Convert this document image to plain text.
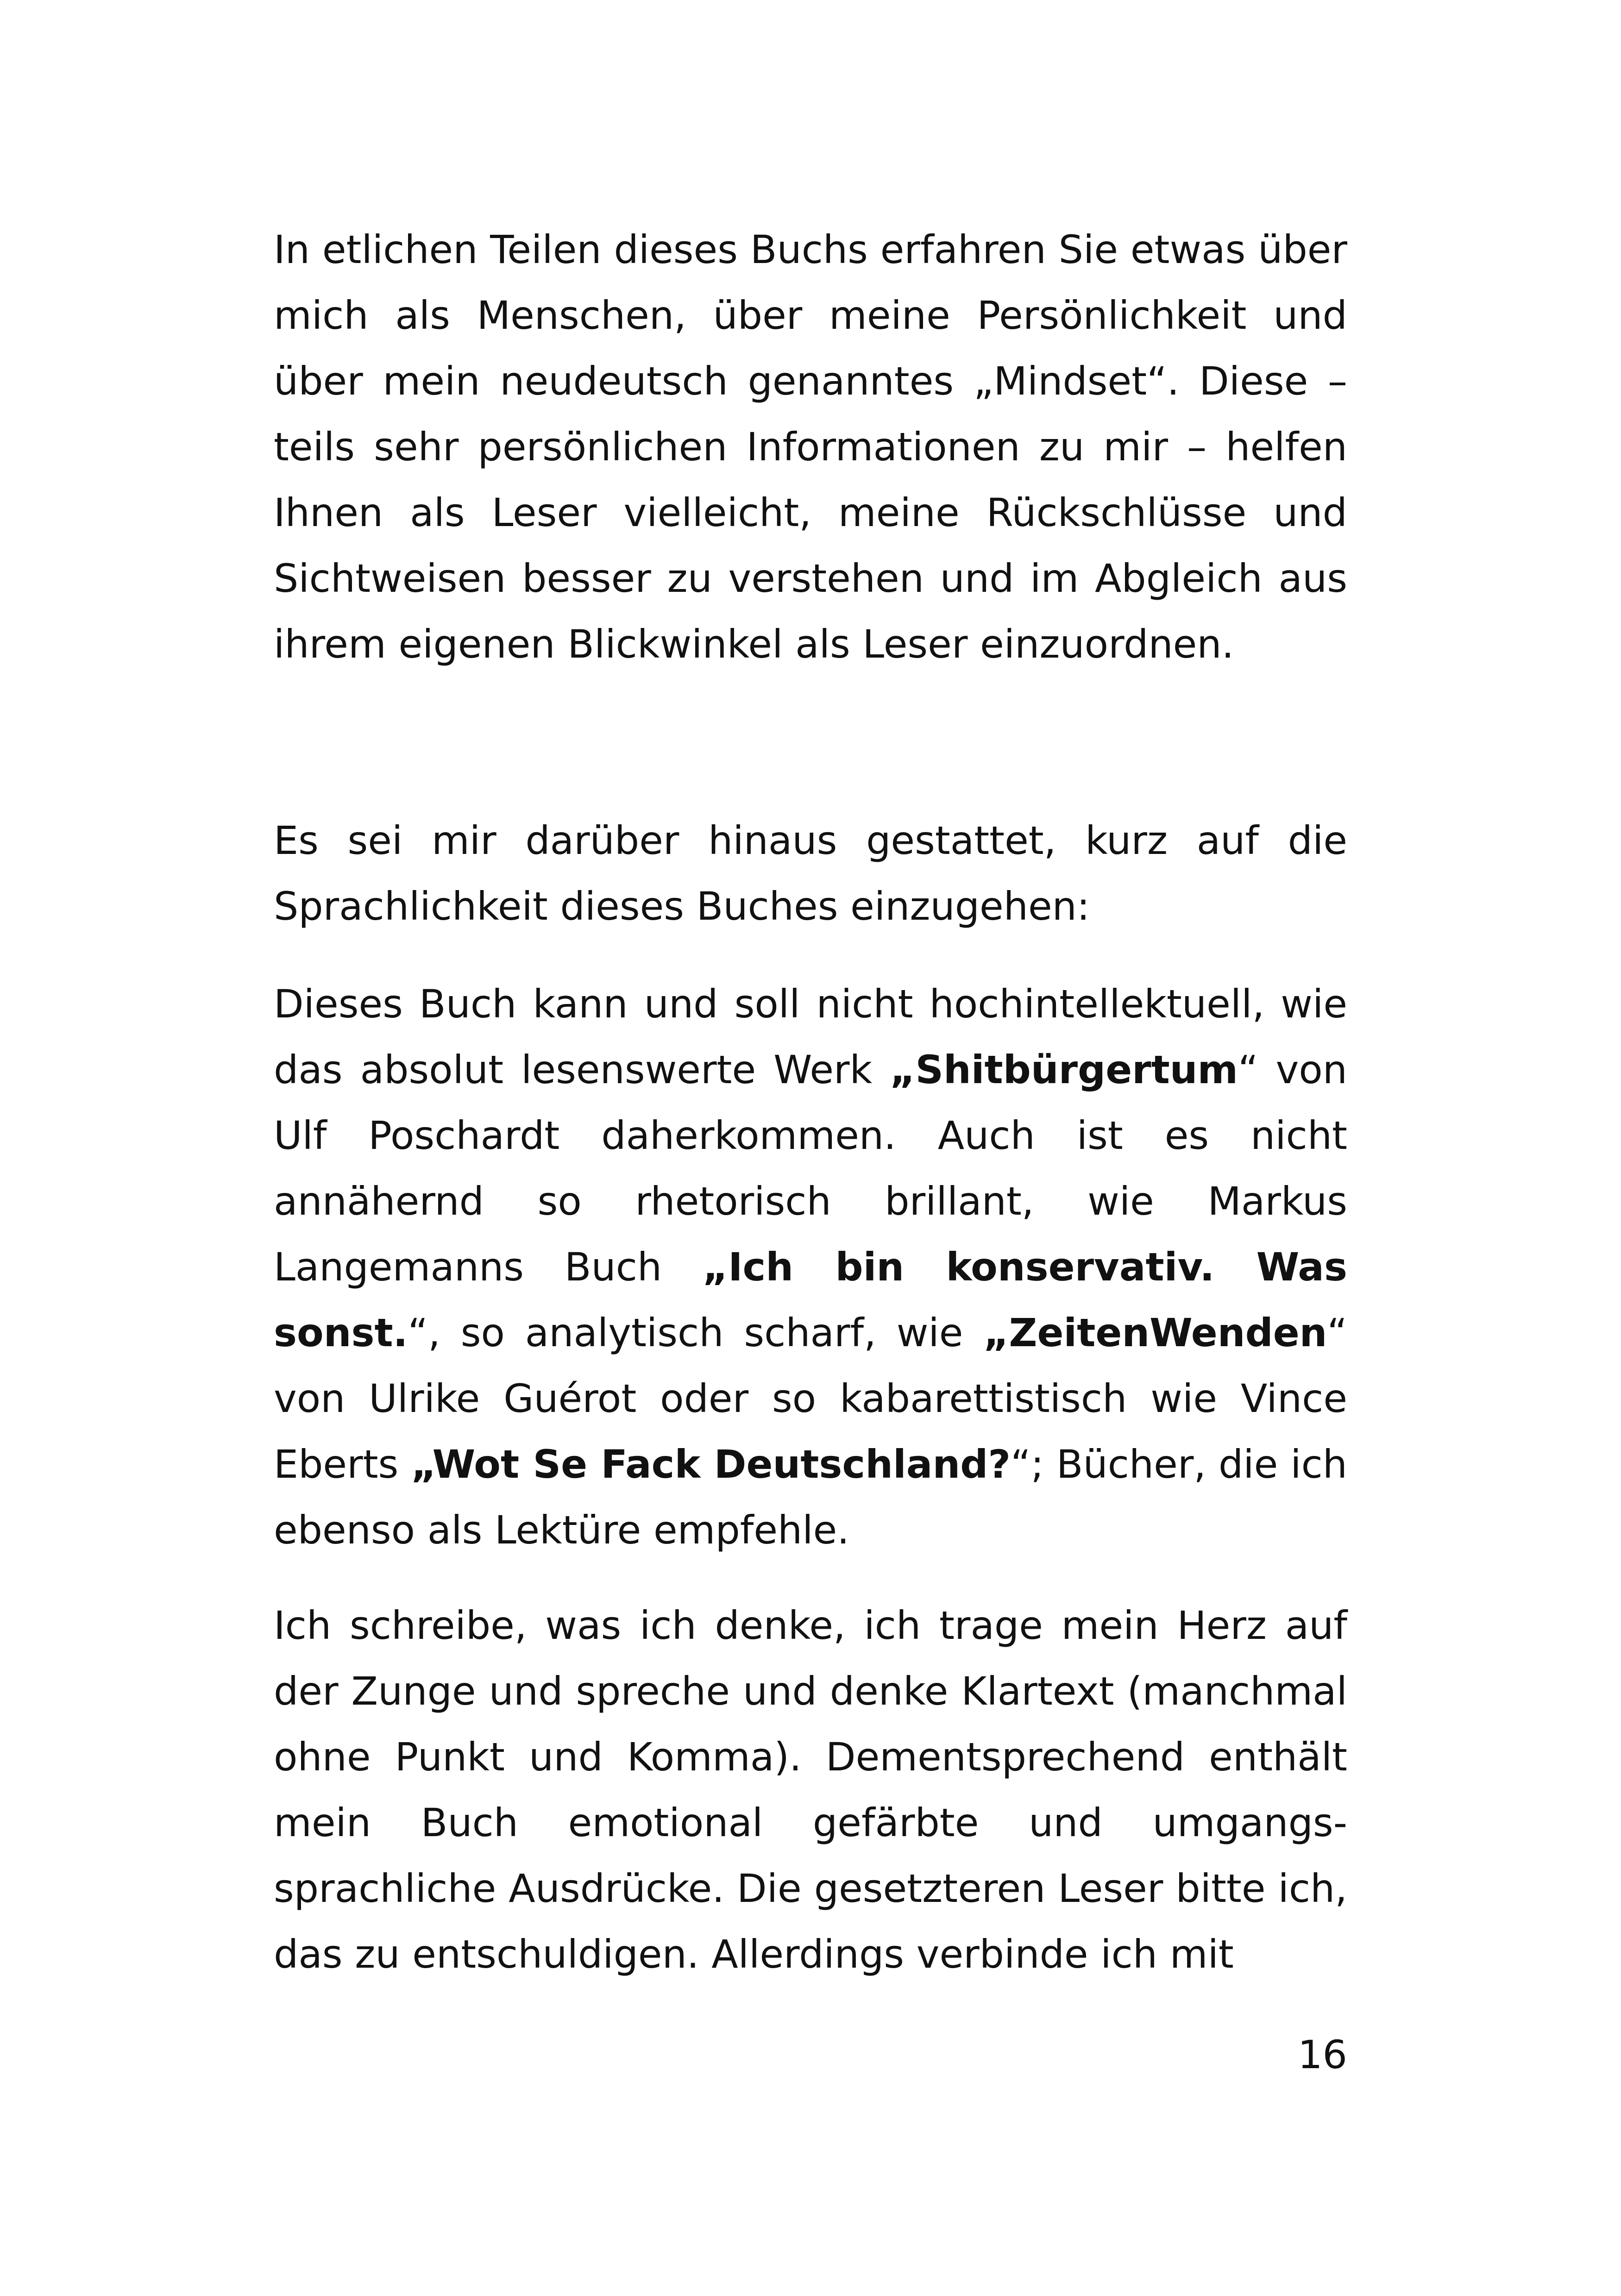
In etlichen Teilen dieses Buchs erfahren Sie etwas über mich als Menschen, über meine Persönlichkeit und über mein neudeutsch genanntes „Mindset“. Diese – teils sehr persönlichen Informationen zu mir – helfen Ihnen als Leser vielleicht, meine Rückschlüsse und Sichtweisen besser zu verstehen und im Abgleich aus ihrem eigenen Blickwinkel als Leser einzuordnen.

Es sei mir darüber hinaus gestattet, kurz auf die Sprachlichkeit dieses Buches einzugehen:

Dieses Buch kann und soll nicht hochintellektuell, wie das absolut lesenswerte Werk „Shitbürgertum“ von Ulf Poschardt daherkommen. Auch ist es nicht annähernd so rhetorisch brillant, wie Markus Langemanns Buch „Ich bin konservativ. Was sonst.“, so analytisch scharf, wie „ZeitenWenden“ von Ulrike Guérot oder so kabarettistisch wie Vince Eberts „Wot Se Fack Deutschland?“; Bücher, die ich ebenso als Lektüre empfehle.

Ich schreibe, was ich denke, ich trage mein Herz auf der Zunge und spreche und denke Klartext (manchmal ohne Punkt und Komma). Dementsprechend enthält mein Buch emotional gefärbte und umgangs-sprachliche Ausdrücke. Die gesetzteren Leser bitte ich, das zu entschuldigen. Allerdings verbinde ich mit

16
